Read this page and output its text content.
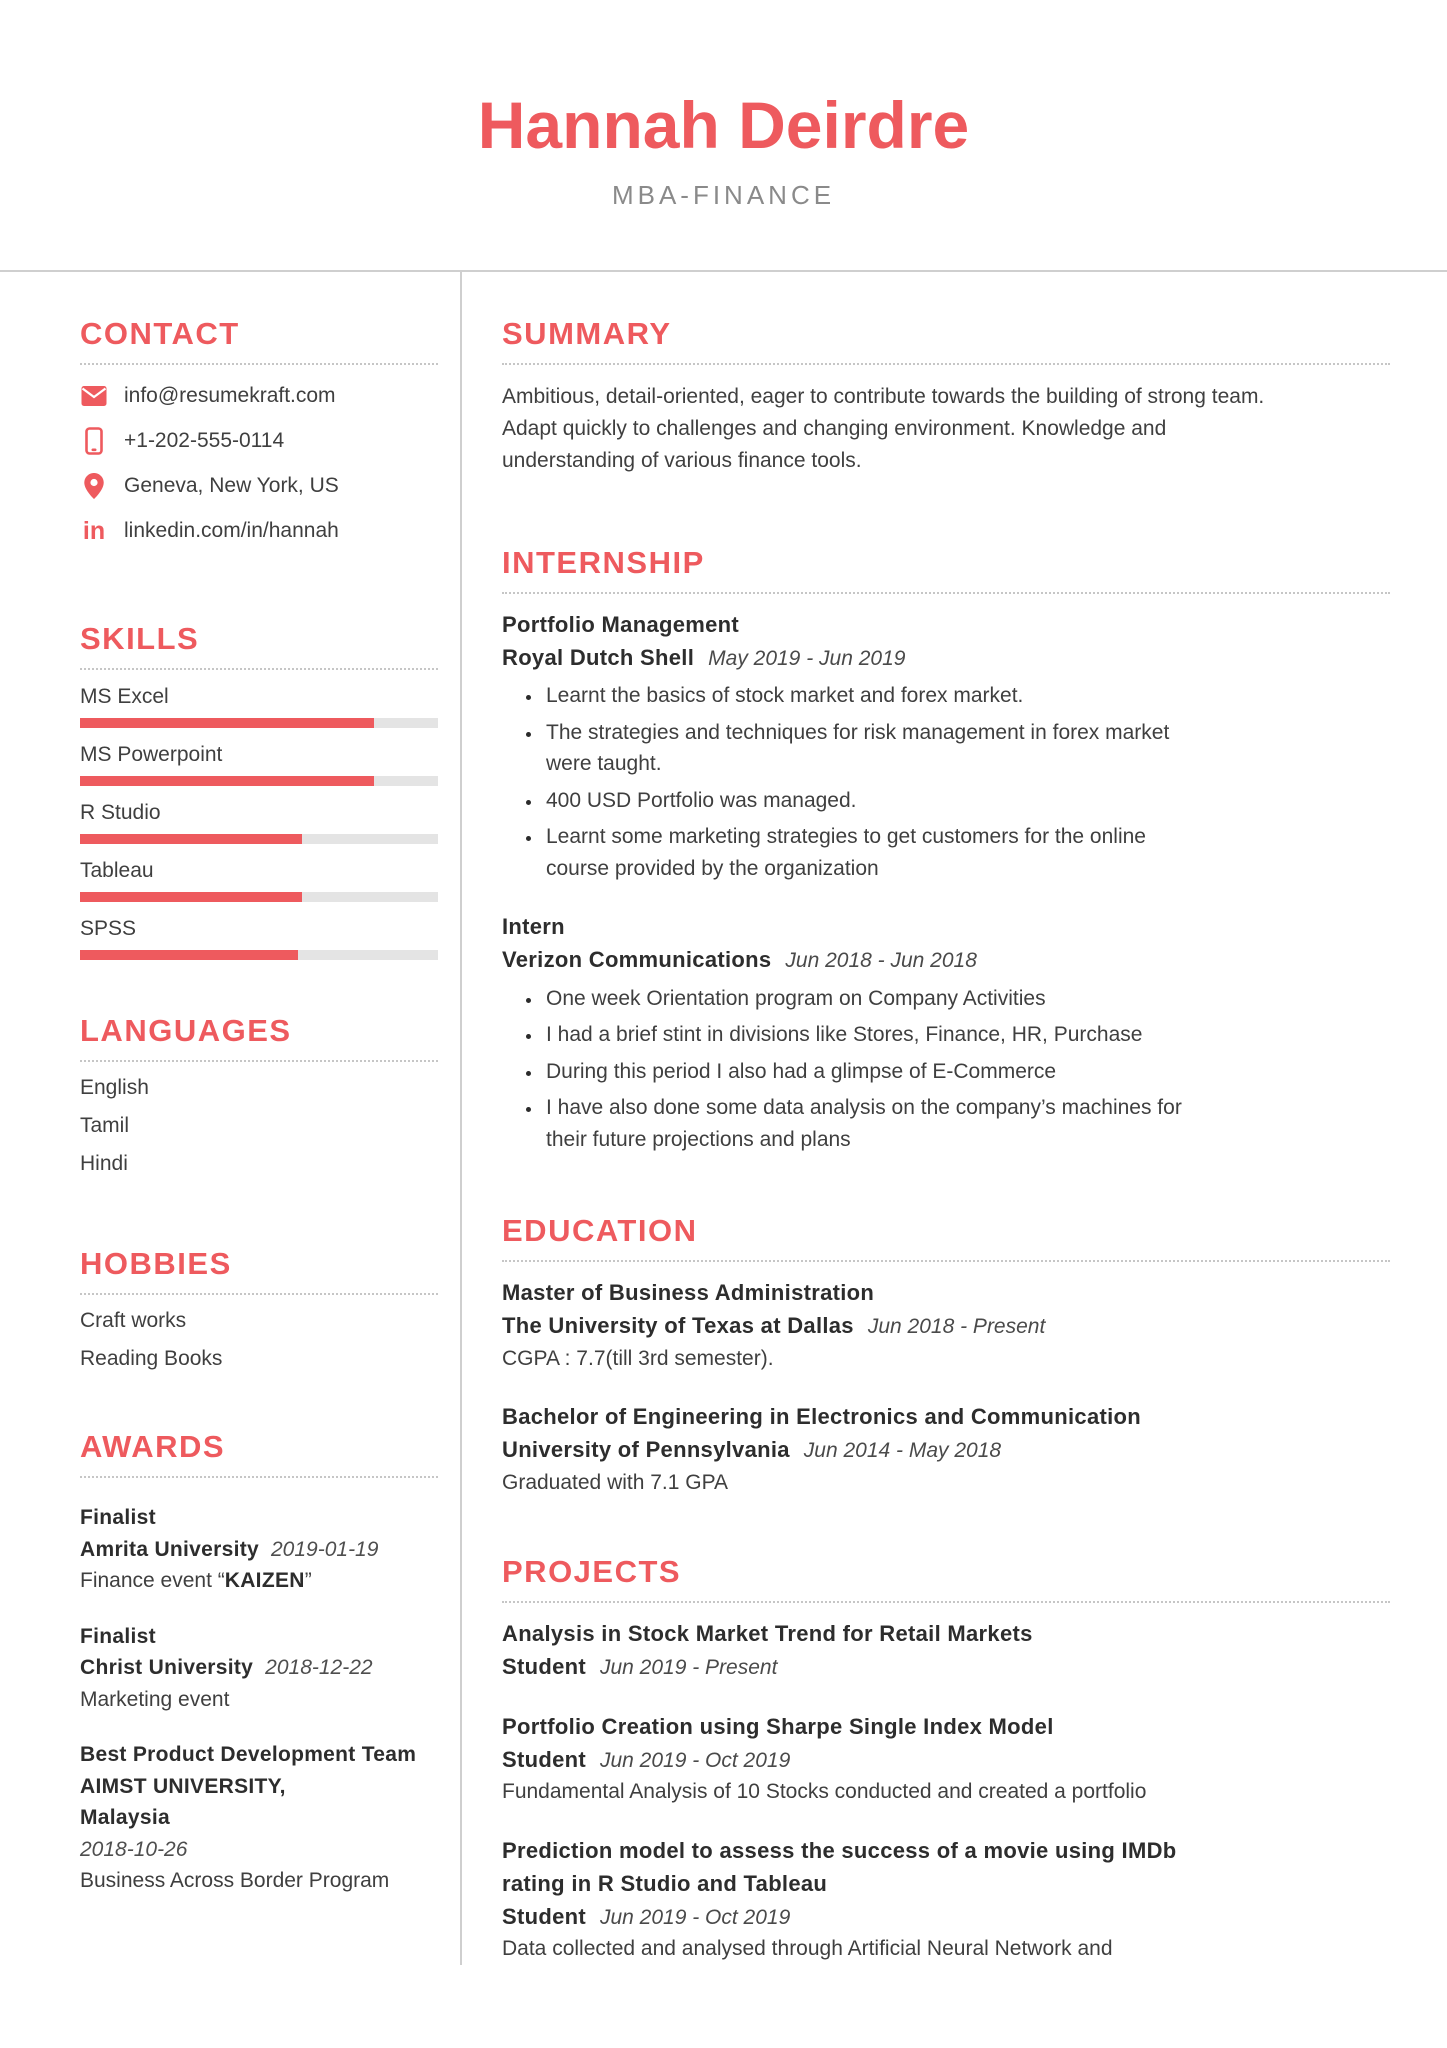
Hannah Deirdre
MBA-FINANCE
CONTACT
info@resumekraft.com
+1-202-555-0114
Geneva, New York, US
in linkedin.com/in/hannah
SKILLS
MS Excel
MS Powerpoint
R Studio
Tableau
SPSS
LANGUAGES
English
Tamil
Hindi
HOBBIES
Craft works
Reading Books
AWARDS
Finalist
Amrita University 2019-01-19
Finance event “KAIZEN”
Finalist
Christ University 2018-12-22
Marketing event
Best Product Development Team
AIMST UNIVERSITY, Malaysia
2018-10-26
Business Across Border Program
SUMMARY

Ambitious, detail-oriented, eager to contribute towards the building of strong team. Adapt quickly to challenges and changing environment. Knowledge and understanding of various finance tools.

INTERNSHIP
Portfolio Management
Royal Dutch Shell May 2019 - Jun 2019
• Learnt the basics of stock market and forex market.
• The strategies and techniques for risk management in forex market were taught.
• 400 USD Portfolio was managed.
• Learnt some marketing strategies to get customers for the online course provided by the organization
Intern
Verizon Communications Jun 2018 - Jun 2018
• One week Orientation program on Company Activities
• I had a brief stint in divisions like Stores, Finance, HR, Purchase
• During this period I also had a glimpse of E-Commerce
• I have also done some data analysis on the company’s machines for their future projections and plans
EDUCATION
Master of Business Administration
The University of Texas at Dallas Jun 2018 - Present
CGPA : 7.7(till 3rd semester).
Bachelor of Engineering in Electronics and Communication
University of Pennsylvania Jun 2014 - May 2018
Graduated with 7.1 GPA
PROJECTS
Analysis in Stock Market Trend for Retail Markets
Student Jun 2019 - Present
Portfolio Creation using Sharpe Single Index Model
Student Jun 2019 - Oct 2019
Fundamental Analysis of 10 Stocks conducted and created a portfolio
Prediction model to assess the success of a movie using IMDb rating in R Studio and Tableau
Student Jun 2019 - Oct 2019
Data collected and analysed through Artificial Neural Network and
